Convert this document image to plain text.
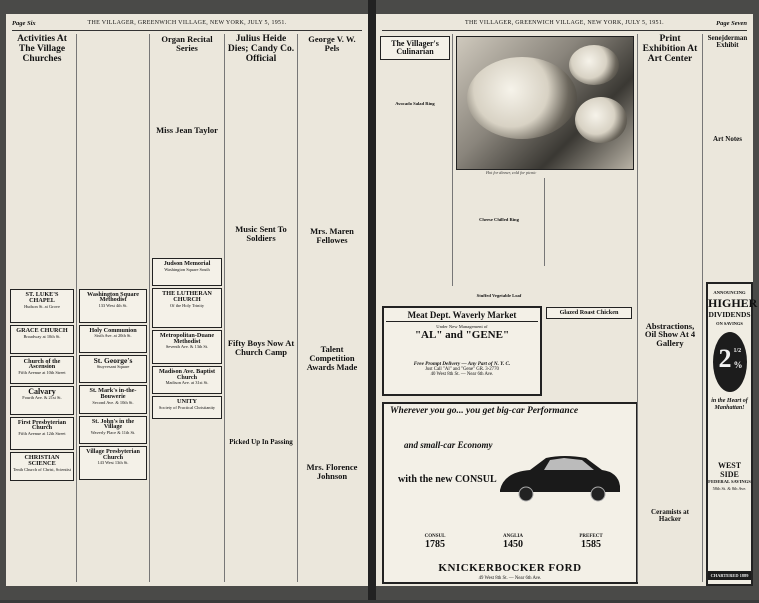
Page Six	THE VILLAGER, GREENWICH VILLAGE, NEW YORK, JULY 5, 1951.
Activities At The Village Churches

ST. LUKE'S CHAPEL
Hudson St. at Grove

GRACE CHURCH
Broadway at 10th St.

Church of the Ascension
Fifth Avenue at 10th Street

Calvary
Fourth Ave. & 21st St.

First Presbyterian Church
Fifth Avenue at 12th Street

CHRISTIAN SCIENCE
Tenth Church of Christ, Scientist

Washington Square Methodist
133 West 4th St.

Holy Communion
Sixth Ave. at 20th St.

St. George's
Stuyvesant Square

St. Mark's in-the-Bouwerie
Second Ave. & 10th St.

St. John's in the Village
Waverly Place & 11th St.

Village Presbyterian Church
143 West 13th St.

Organ Recital Series

Miss Jean Taylor

Judson Memorial
Washington Square South

THE LUTHERAN CHURCH
Of the Holy Trinity

Metropolitan-Duane Methodist
Seventh Ave. & 13th St.

Madison Ave. Baptist Church
Madison Ave. at 31st St.

UNITY
Society of Practical Christianity

Julius Heide Dies; Candy Co. Official

Music Sent To Soldiers

Fifty Boys Now At Church Camp

Picked Up In Passing

George V. W. Pels

Mrs. Maren Fellowes

Talent Competition Awards Made

Mrs. Florence Johnson

THE VILLAGER, GREENWICH VILLAGE, NEW YORK, JULY 5, 1951.	Page Seven
The Villager's Culinarian

Avocado Salad Ring

Hot for dinner, cold for picnic

Cheese Chilled Ring

Stuffed Vegetable Loaf

Meat Dept. Waverly Market
Under New Management of
"AL" and "GENE"

Free Prompt Delivery — Any Part of N. Y. C.
Just Call "Al" and "Gene" GR. 3-2770
40 West 8th St. — Near 6th Ave.

Glazed Roast Chicken

Wherever you go... you get big-car Performance
and small-car Economy
with the new CONSUL

CONSUL
1785
ANGLIA
1450
PREFECT
1585
KNICKERBOCKER FORD
49 West 8th St. — Near 6th Ave.
Print Exhibition At Art Center

Abstractions, Oil Show At 4 Gallery

Ceramists at Hacker

Senejderman Exhibit

Art Notes

ANNOUNCING
HIGHER
DIVIDENDS
ON SAVINGS
2 1/2
%
in the Heart of Manhattan!

WEST SIDE
FEDERAL SAVINGS
58th St. & 8th Ave.

CHARTERED 1889
